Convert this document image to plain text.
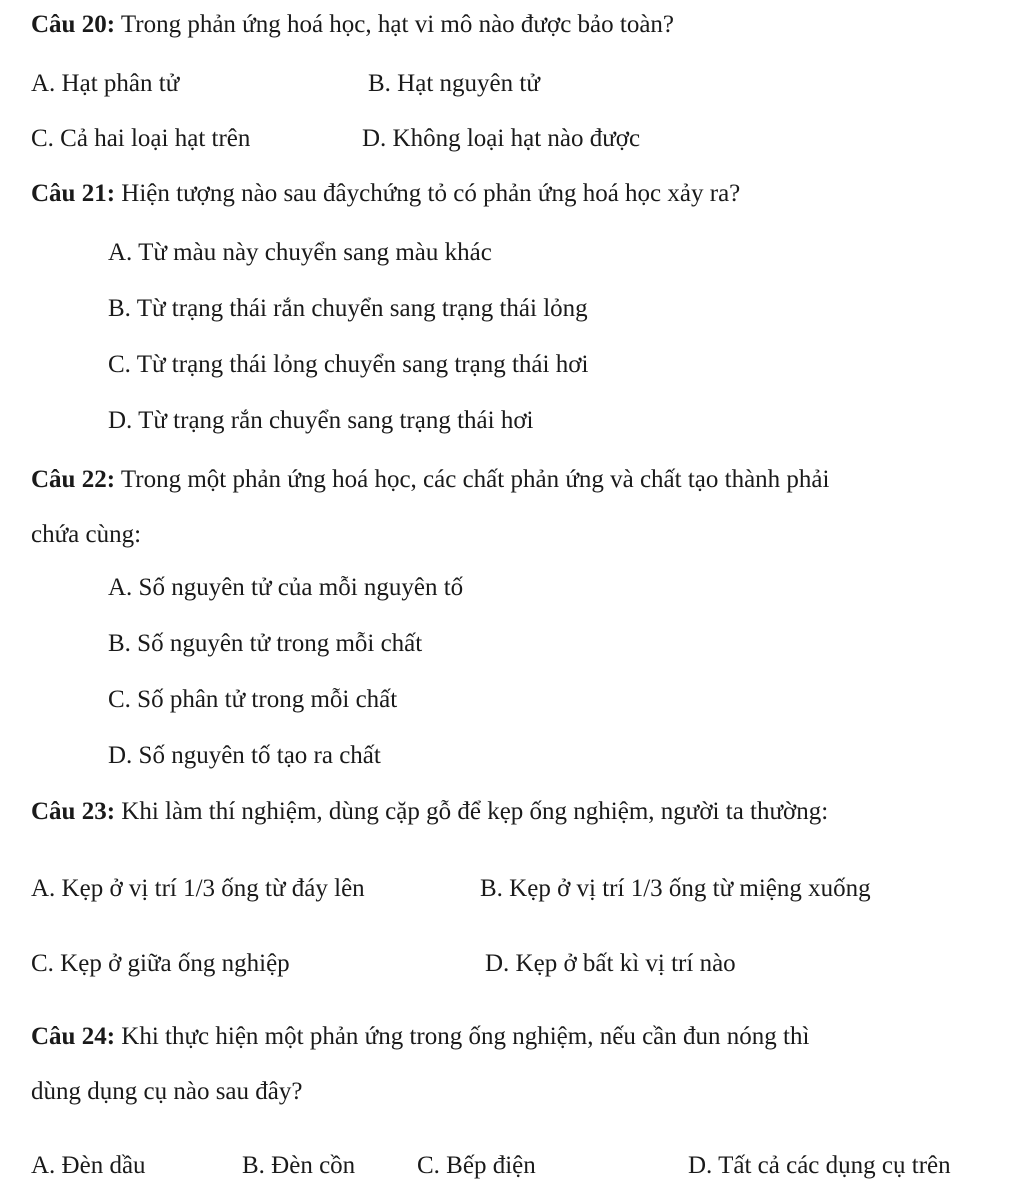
Câu 20: Trong phản ứng hoá học, hạt vi mô nào được bảo toàn?
A. Hạt phân tử	B. Hạt nguyên tử
C. Cả hai loại hạt trên	D. Không loại hạt nào được
Câu 21: Hiện tượng nào sau đâychứng tỏ có phản ứng hoá học xảy ra?
A. Từ màu này chuyển sang màu khác
B. Từ trạng thái rắn chuyển sang trạng thái lỏng
C. Từ trạng thái lỏng chuyển sang trạng thái hơi
D. Từ trạng rắn chuyển sang trạng thái hơi
Câu 22: Trong một phản ứng hoá học, các chất phản ứng và chất tạo thành phải
chứa cùng:
A. Số nguyên tử của mỗi nguyên tố
B. Số nguyên tử trong mỗi chất
C. Số phân tử trong mỗi chất
D. Số nguyên tố tạo ra chất
Câu 23: Khi làm thí nghiệm, dùng cặp gỗ để kẹp ống nghiệm, người ta thường:
A. Kẹp ở vị trí 1/3 ống từ đáy lên	B. Kẹp ở vị trí 1/3 ống từ miệng xuống
C. Kẹp ở giữa ống nghiệp	D. Kẹp ở bất kì vị trí nào
Câu 24: Khi thực hiện một phản ứng trong ống nghiệm, nếu cần đun nóng thì
dùng dụng cụ nào sau đây?
A. Đèn dầu	B. Đèn cồn C. Bếp điện	D. Tất cả các dụng cụ trên
